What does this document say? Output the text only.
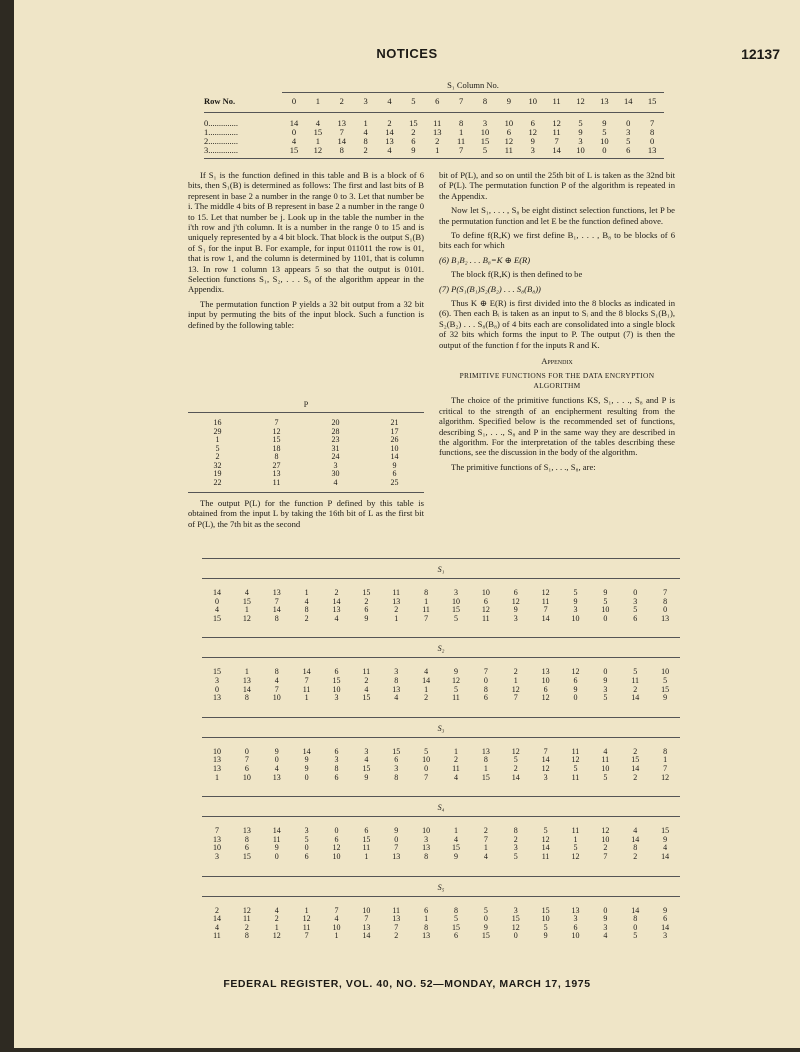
NOTICES	12137
S₁ Column No.
Row No.	0	1	2	3	4	5	6	7	8	9	10	11	12	13	14	15
0..............	14	4	13	1	2	15	11	8	3	10	6	12	5	9	0	7
1..............	0	15	7	4	14	2	13	1	10	6	12	11	9	5	3	8
2..............	4	1	14	8	13	6	2	11	15	12	9	7	3	10	5	0
3..............	15	12	8	2	4	9	1	7	5	11	3	14	10	0	6	13

If S₁ is the function defined in this table and B is a block of 6 bits, then S₁(B) is determined as follows: The first and last bits of B represent in base 2 a number in the range 0 to 3. Let that number be i. The middle 4 bits of B represent in base 2 a number in the range 0 to 15. Let that number be j. Look up in the table the number in the i'th row and j'th column. It is a number in the range 0 to 15 and is uniquely represented by a 4 bit block. That block is the output S₁(B) of S₁ for the input B. For example, for input 011011 the row is 01, that is row 1, and the column is determined by 1101, that is column 13. In row 1 column 13 appears 5 so that the output is 0101. Selection functions S₁, S₂, . . . S₈ of the algorithm appear in the Appendix.

The permutation function P yields a 32 bit output from a 32 bit input by permuting the bits of the input block. Such a function is defined by the following table:

P
16	7	20	21
29	12	28	17
1	15	23	26
5	18	31	10
2	8	24	14
32	27	3	9
19	13	30	6
22	11	4	25

The output P(L) for the function P defined by this table is obtained from the input L by taking the 16th bit of L as the first bit of P(L), the 7th bit as the second

bit of P(L), and so on until the 25th bit of L is taken as the 32nd bit of P(L). The permutation function P of the algorithm is repeated in the Appendix.

Now let S₁, . . . , S₈ be eight distinct selection functions, let P be the permutation function and let E be the function defined above.

To define f(R,K) we first define B₁, . . . , B₈ to be blocks of 6 bits each for which

(6) B₁B₂ . . . B₈=K ⊕ E(R)

The block f(R,K) is then defined to be

(7) P(S₁(B₁)S₂(B₂) . . . S₈(B₈))

Thus K ⊕ E(R) is first divided into the 8 blocks as indicated in (6). Then each Bᵢ is taken as an input to Sᵢ and the 8 blocks S₁(B₁), S₂(B₂) . . . S₈(B₈) of 4 bits each are consolidated into a single block of 32 bits which forms the input to P. The output (7) is then the output of the function f for the inputs R and K.

Appendix

PRIMITIVE FUNCTIONS FOR THE DATA ENCRYPTION ALGORITHM

The choice of the primitive functions KS, S₁, . . ., S₈ and P is critical to the strength of an encipherment resulting from the algorithm. Specified below is the recommended set of functions, describing S₁, . . ., S₈ and P in the same way they are described in the algorithm. For the interpretation of the tables describing these functions, see the discussion in the body of the algorithm.

The primitive functions of S₁, . . ., S₈, are:

S₁
14	4	13	1	2	15	11	8	3	10	6	12	5	9	0	7
0	15	7	4	14	2	13	1	10	6	12	11	9	5	3	8
4	1	14	8	13	6	2	11	15	12	9	7	3	10	5	0
15	12	8	2	4	9	1	7	5	11	3	14	10	0	6	13
S₂
15	1	8	14	6	11	3	4	9	7	2	13	12	0	5	10
3	13	4	7	15	2	8	14	12	0	1	10	6	9	11	5
0	14	7	11	10	4	13	1	5	8	12	6	9	3	2	15
13	8	10	1	3	15	4	2	11	6	7	12	0	5	14	9
S₃
10	0	9	14	6	3	15	5	1	13	12	7	11	4	2	8
13	7	0	9	3	4	6	10	2	8	5	14	12	11	15	1
13	6	4	9	8	15	3	0	11	1	2	12	5	10	14	7
1	10	13	0	6	9	8	7	4	15	14	3	11	5	2	12
S₄
7	13	14	3	0	6	9	10	1	2	8	5	11	12	4	15
13	8	11	5	6	15	0	3	4	7	2	12	1	10	14	9
10	6	9	0	12	11	7	13	15	1	3	14	5	2	8	4
3	15	0	6	10	1	13	8	9	4	5	11	12	7	2	14
S₅
2	12	4	1	7	10	11	6	8	5	3	15	13	0	14	9
14	11	2	12	4	7	13	1	5	0	15	10	3	9	8	6
4	2	1	11	10	13	7	8	15	9	12	5	6	3	0	14
11	8	12	7	1	14	2	13	6	15	0	9	10	4	5	3
FEDERAL REGISTER, VOL. 40, NO. 52—MONDAY, MARCH 17, 1975
